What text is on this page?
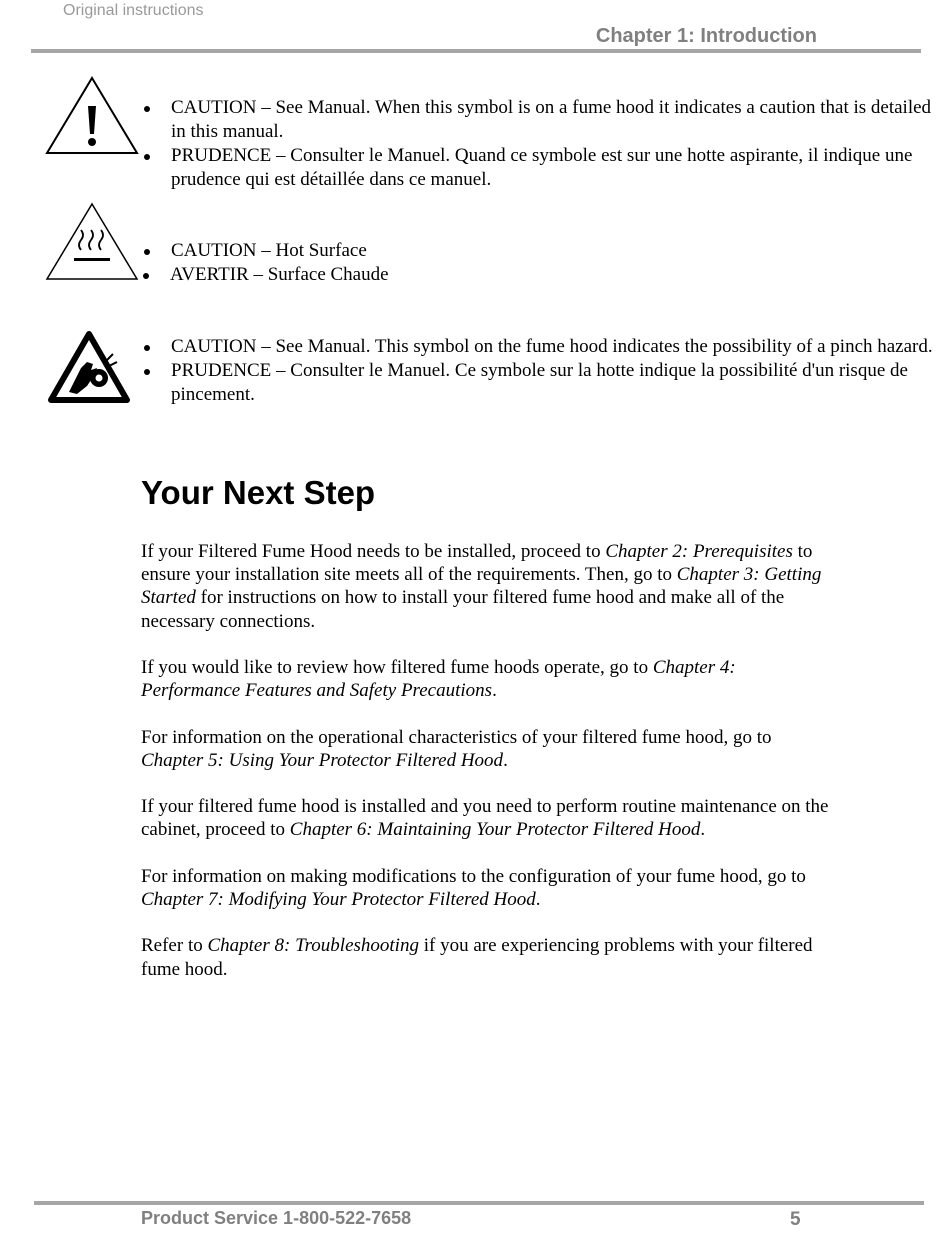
Original instructions
Chapter 1: Introduction
CAUTION – See Manual. When this symbol is on a fume hood it indicates a caution that is detailed in this manual.
PRUDENCE – Consulter le Manuel. Quand ce symbole est sur une hotte aspirante, il indique une prudence qui est détaillée dans ce manuel.
CAUTION – Hot Surface
AVERTIR – Surface Chaude
CAUTION – See Manual. This symbol on the fume hood indicates the possibility of a pinch hazard.
PRUDENCE – Consulter le Manuel. Ce symbole sur la hotte indique la possibilité d'un risque de pincement.
Your Next Step

If your Filtered Fume Hood needs to be installed, proceed to Chapter 2: Prerequisites to ensure your installation site meets all of the requirements. Then, go to Chapter 3: Getting Started for instructions on how to install your filtered fume hood and make all of the necessary connections.

If you would like to review how filtered fume hoods operate, go to Chapter 4: Performance Features and Safety Precautions.

For information on the operational characteristics of your filtered fume hood, go to Chapter 5: Using Your Protector Filtered Hood.

If your filtered fume hood is installed and you need to perform routine maintenance on the cabinet, proceed to Chapter 6: Maintaining Your Protector Filtered Hood.

For information on making modifications to the configuration of your fume hood, go to Chapter 7: Modifying Your Protector Filtered Hood.

Refer to Chapter 8: Troubleshooting if you are experiencing problems with your filtered fume hood.

Product Service 1-800-522-7658	5
